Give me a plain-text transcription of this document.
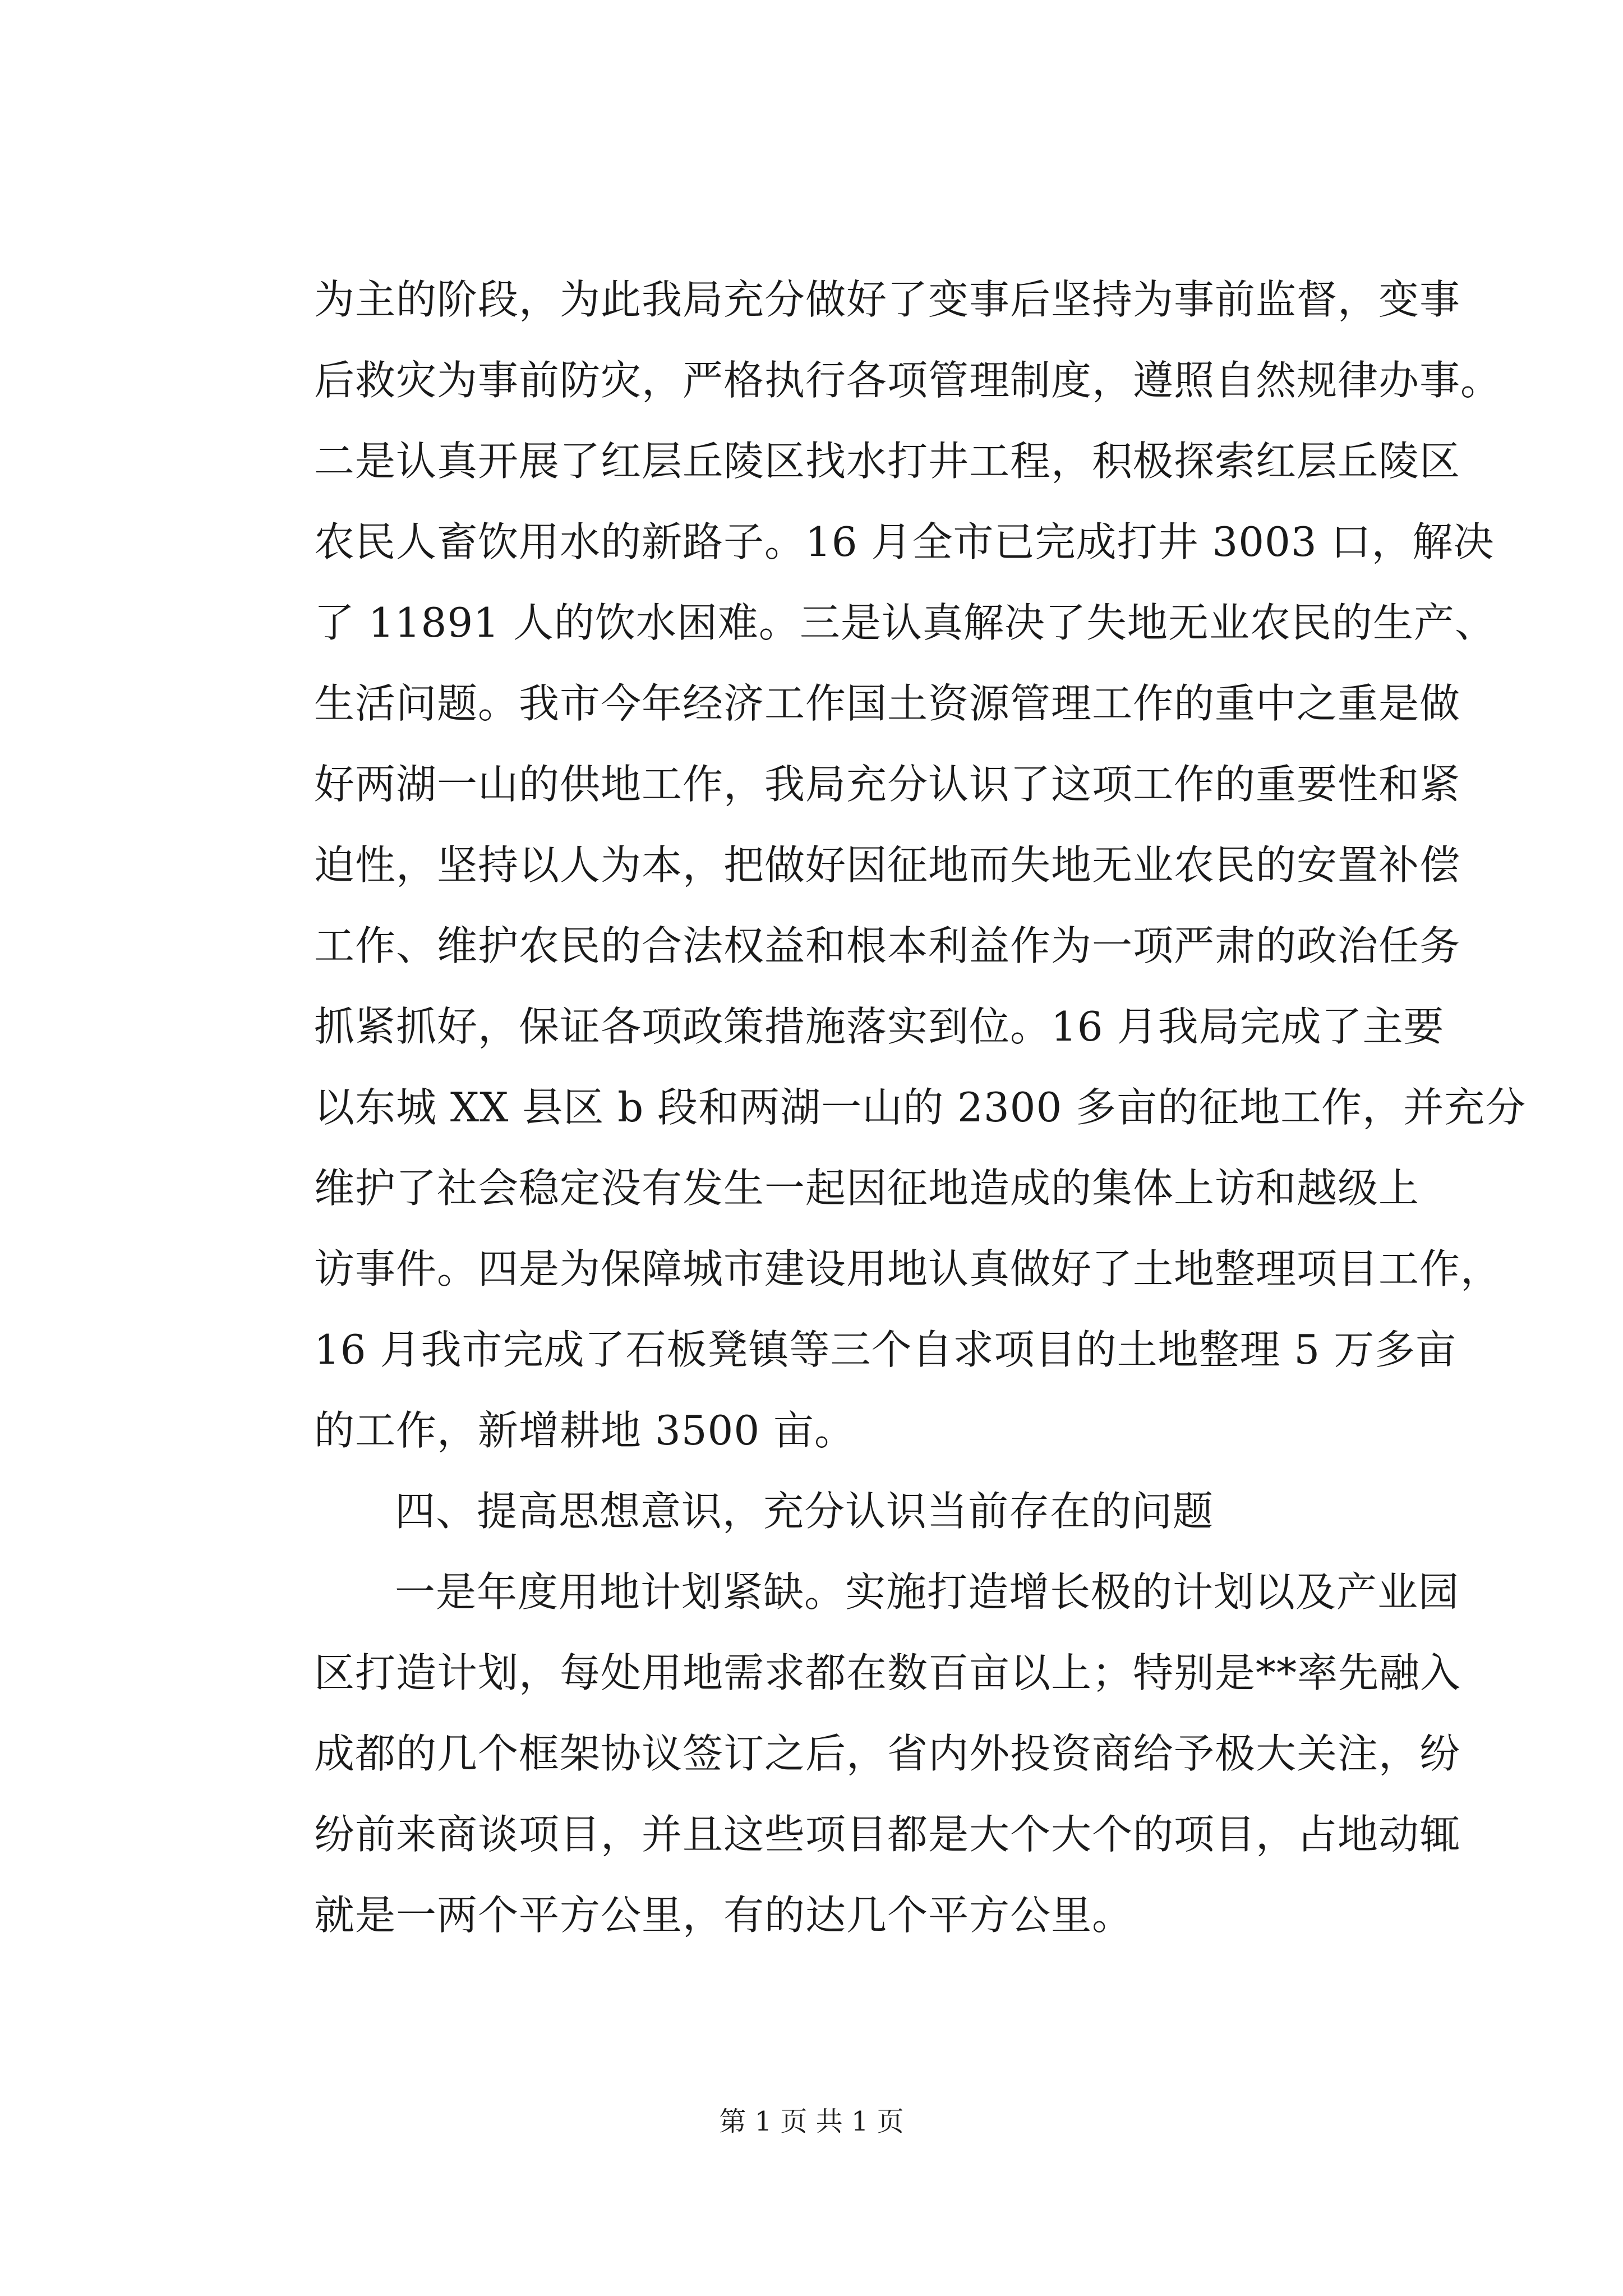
为主的阶段，为此我局充分做好了变事后坚持为事前监督，变事
后救灾为事前防灾，严格执行各项管理制度，遵照自然规律办事。
二是认真开展了红层丘陵区找水打井工程，积极探索红层丘陵区
农民人畜饮用水的新路子。16 月全市已完成打井 3003 口，解决
了 11891 人的饮水困难。三是认真解决了失地无业农民的生产、
生活问题。我市今年经济工作国土资源管理工作的重中之重是做
好两湖一山的供地工作，我局充分认识了这项工作的重要性和紧
迫性，坚持以人为本，把做好因征地而失地无业农民的安置补偿
工作、维护农民的合法权益和根本利益作为一项严肃的政治任务
抓紧抓好，保证各项政策措施落实到位。16 月我局完成了主要
以东城 XX 县区 b 段和两湖一山的 2300 多亩的征地工作，并充分
维护了社会稳定没有发生一起因征地造成的集体上访和越级上
访事件。四是为保障城市建设用地认真做好了土地整理项目工作，
16 月我市完成了石板凳镇等三个自求项目的土地整理 5 万多亩
的工作，新增耕地 3500 亩。
四、提高思想意识，充分认识当前存在的问题
一是年度用地计划紧缺。实施打造增长极的计划以及产业园
区打造计划，每处用地需求都在数百亩以上；特别是**率先融入
成都的几个框架协议签订之后，省内外投资商给予极大关注，纷
纷前来商谈项目，并且这些项目都是大个大个的项目，占地动辄
就是一两个平方公里，有的达几个平方公里。
第 1 页 共 1 页
